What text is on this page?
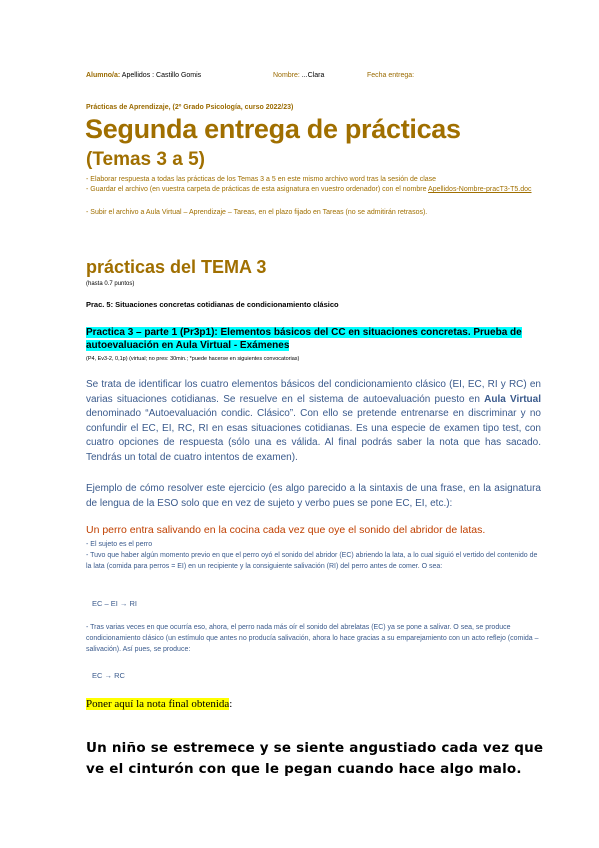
Alumno/a: Apellidos : Castillo Gomis	Nombre: ...Clara	Fecha entrega:
Prácticas de Aprendizaje, (2º Grado Psicología, curso 2022/23)
Segunda entrega de prácticas
(Temas 3 a 5)
- Elaborar respuesta a todas las prácticas de los Temas 3 a 5 en este mismo archivo word tras la sesión de clase
- Guardar el archivo (en vuestra carpeta de prácticas de esta asignatura en vuestro ordenador) con el nombre Apellidos-Nombre-pracT3-T5.doc
- Subir el archivo a Aula Virtual – Aprendizaje – Tareas, en el plazo fijado en Tareas (no se admitirán retrasos).
prácticas del TEMA 3
(hasta 0.7 puntos)
Prac. 5: Situaciones concretas cotidianas de condicionamiento clásico
Practica 3 – parte 1 (Pr3p1): Elementos básicos del CC en situaciones concretas. Prueba de autoevaluación en Aula Virtual - Exámenes
(P4, Ev3-2, 0,1p) (virtual; no pres: 30min.; *puede hacerse en siguientes convocatorias)
Se trata de identificar los cuatro elementos básicos del condicionamiento clásico (EI, EC, RI y RC) en varias situaciones cotidianas. Se resuelve en el sistema de autoevaluación puesto en Aula Virtual denominado “Autoevaluación condic. Clásico”. Con ello se pretende entrenarse en discriminar y no confundir el EC, EI, RC, RI en esas situaciones cotidianas. Es una especie de examen tipo test, con cuatro opciones de respuesta (sólo una es válida. Al final podrás saber la nota que has sacado. Tendrás un total de cuatro intentos de examen).
Ejemplo de cómo resolver este ejercicio (es algo parecido a la sintaxis de una frase, en la asignatura de lengua de la ESO solo que en vez de sujeto y verbo pues se pone EC, EI, etc.):
Un perro entra salivando en la cocina cada vez que oye el sonido del abridor de latas.
- El sujeto es el perro
- Tuvo que haber algún momento previo en que el perro oyó el sonido del abridor (EC) abriendo la lata, a lo cual siguió el vertido del contenido de la lata (comida para perros = EI) en un recipiente y la consiguiente salivación (RI) del perro antes de comer. O sea:
EC – EI → RI
- Tras varias veces en que ocurría eso, ahora, el perro nada más oír el sonido del abrelatas (EC) ya se pone a salivar. O sea, se produce condicionamiento clásico (un estímulo que antes no producía salivación, ahora lo hace gracias a su emparejamiento con un acto reflejo (comida – salivación). Así pues, se produce:
EC → RC
Poner aquí la nota final obtenida:
Un niño se estremece y se siente angustiado cada vez que ve el cinturón con que le pegan cuando hace algo malo.
